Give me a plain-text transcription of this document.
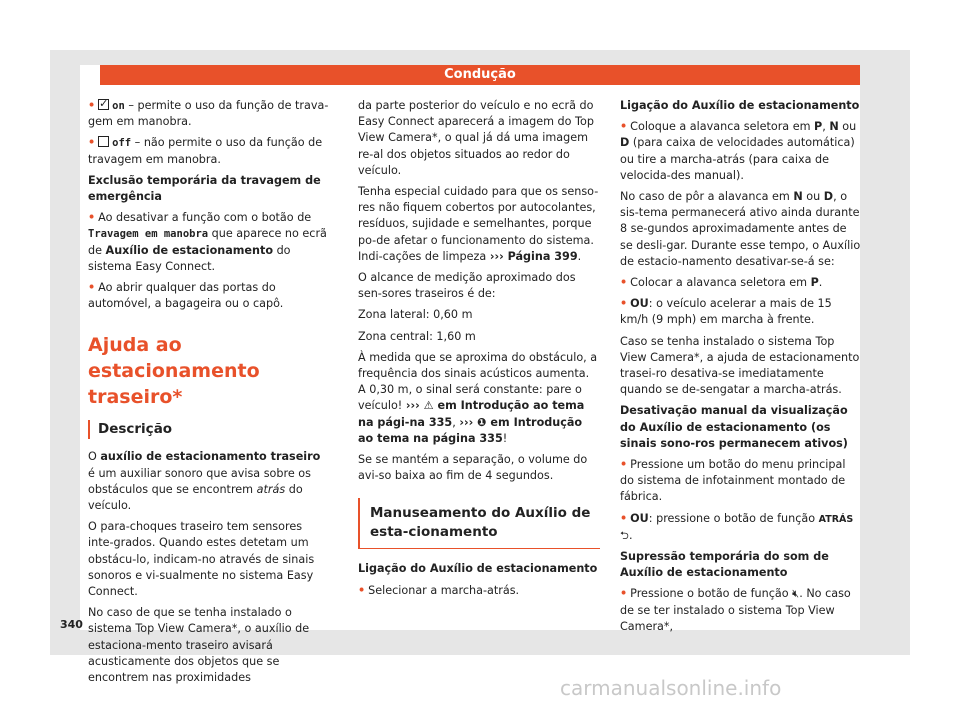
Condução

•✓ on – permite o uso da função de trava-gem em manobra.

• off – não permite o uso da função de travagem em manobra.

Exclusão temporária da travagem de emergência

• Ao desativar a função com o botão de Travagem em manobra que aparece no ecrã de Auxílio de estacionamento do sistema Easy Connect.

• Ao abrir qualquer das portas do automóvel, a bagageira ou o capô.

Ajuda ao estacionamento traseiro*
Descrição

O auxílio de estacionamento traseiro é um auxiliar sonoro que avisa sobre os obstáculos que se encontrem atrás do veículo.

O para-choques traseiro tem sensores inte-grados. Quando estes detetam um obstácu-lo, indicam-no através de sinais sonoros e vi-sualmente no sistema Easy Connect.

No caso de que se tenha instalado o sistema Top View Camera*, o auxílio de estaciona-mento traseiro avisará acusticamente dos objetos que se encontrem nas proximidades

da parte posterior do veículo e no ecrã do Easy Connect aparecerá a imagem do Top View Camera*, o qual já dá uma imagem re-al dos objetos situados ao redor do veículo.

Tenha especial cuidado para que os senso-res não fiquem cobertos por autocolantes, resíduos, sujidade e semelhantes, porque po-de afetar o funcionamento do sistema. Indi-cações de limpeza ››› Página 399.

O alcance de medição aproximado dos sen-sores traseiros é de:

Zona lateral: 0,60 m

Zona central: 1,60 m

À medida que se aproxima do obstáculo, a frequência dos sinais acústicos aumenta. A 0,30 m, o sinal será constante: pare o veículo! ››› ⚠ em Introdução ao tema na pági-na 335, ››› ❶ em Introdução ao tema na página 335!

Se se mantém a separação, o volume do avi-so baixa ao fim de 4 segundos.

Manuseamento do Auxílio de esta-cionamento

Ligação do Auxílio de estacionamento

• Selecionar a marcha-atrás.

Ligação do Auxílio de estacionamento

• Coloque a alavanca seletora em P, N ou D (para caixa de velocidades automática) ou tire a marcha-atrás (para caixa de velocida-des manual).

No caso de pôr a alavanca em N ou D, o sis-tema permanecerá ativo ainda durante 8 se-gundos aproximadamente antes de se desli-gar. Durante esse tempo, o Auxílio de estacio-namento desativar-se-á se:

• Colocar a alavanca seletora em P.

• OU: o veículo acelerar a mais de 15 km/h (9 mph) em marcha à frente.

Caso se tenha instalado o sistema Top View Camera*, a ajuda de estacionamento trasei-ro desativa-se imediatamente quando se de-sengatar a marcha-atrás.

Desativação manual da visualização do Auxílio de estacionamento (os sinais sono-ros permanecem ativos)

• Pressione um botão do menu principal do sistema de infotainment montado de fábrica.

• OU: pressione o botão de função ATRÁS ⮌.

Supressão temporária do som de Auxílio de estacionamento

• Pressione o botão de função 🔇︎. No caso de se ter instalado o sistema Top View Camera*,

340
carmanualsonline.info
